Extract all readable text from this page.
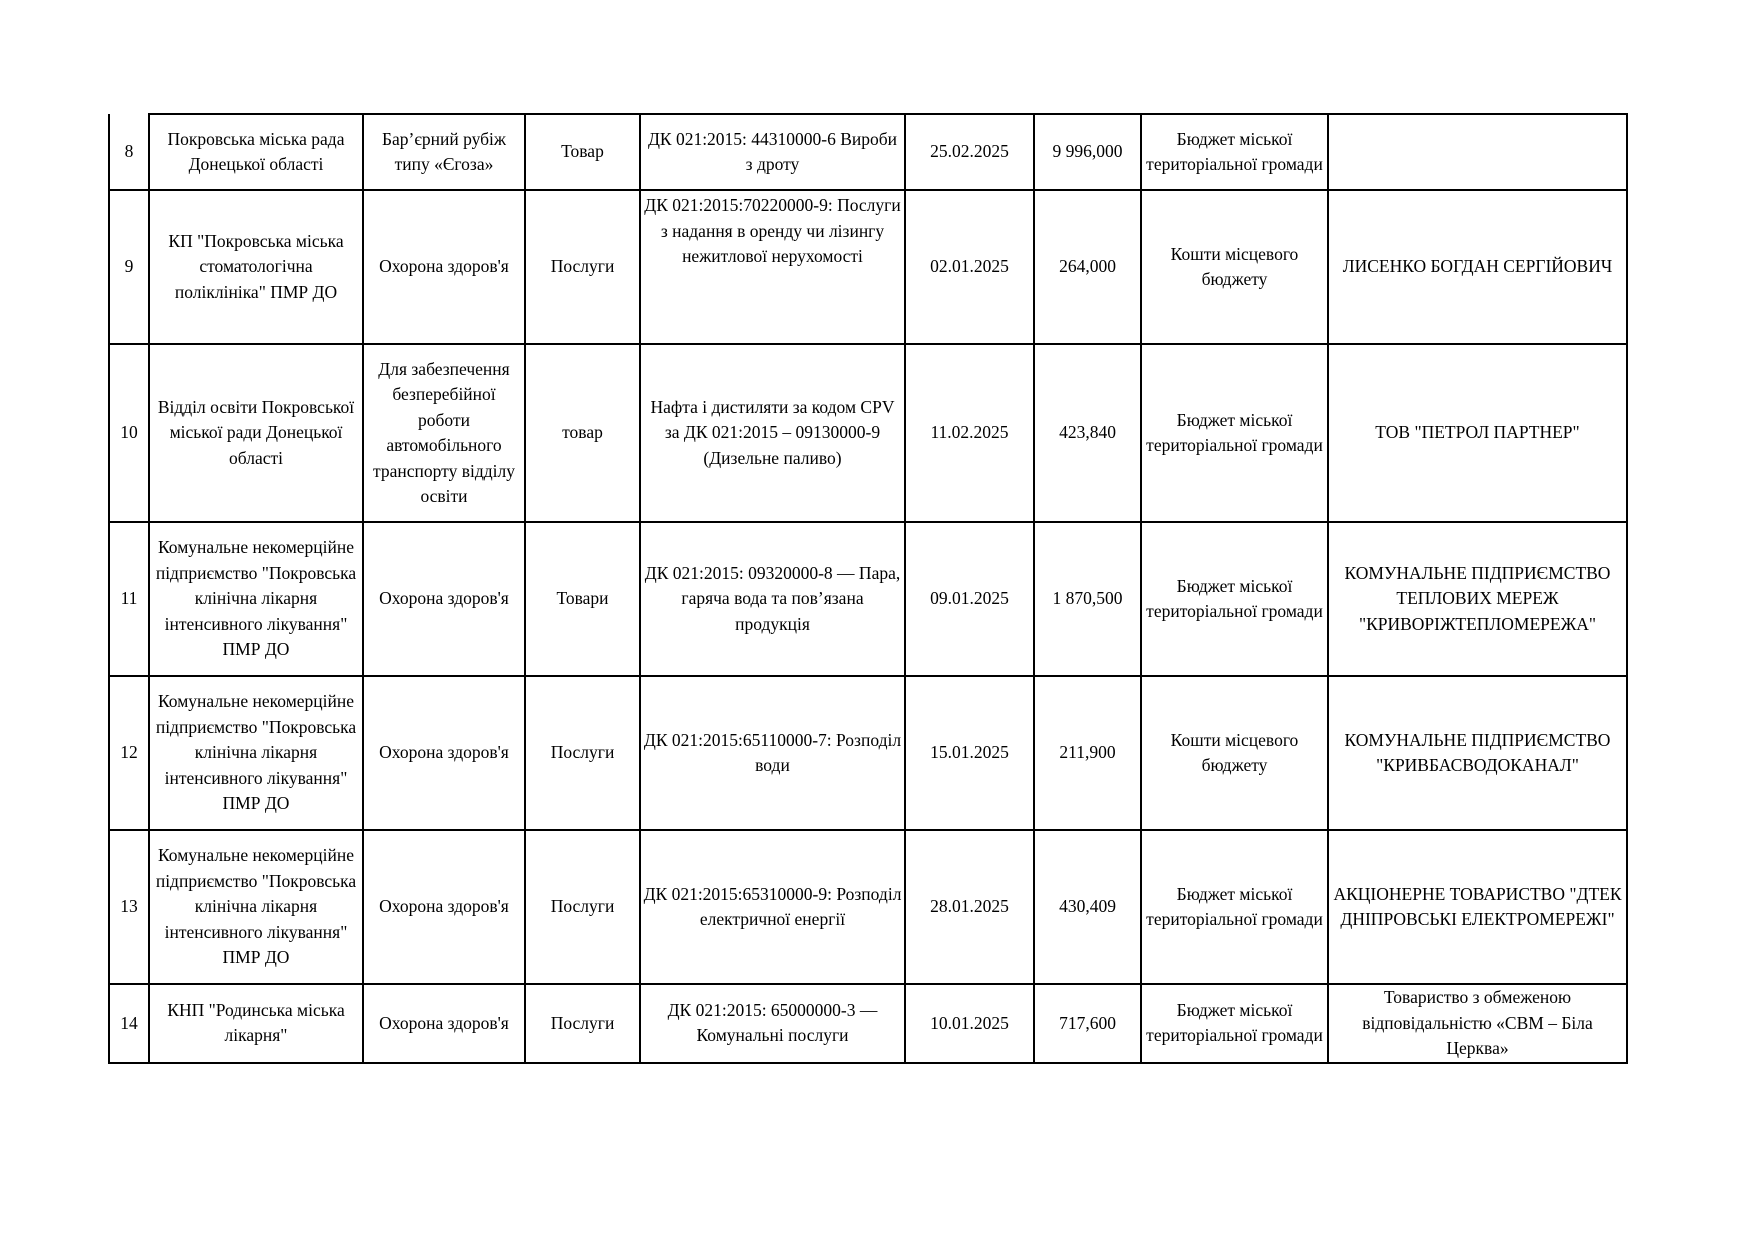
8	Покровська міська рада Донецької області	Бар’єрний рубіж типу «Єгоза»	Товар	ДК 021:2015: 44310000-6 Вироби з дроту	25.02.2025	9 996,000	Бюджет міської територіальної громади	
9	КП "Покровська міська стоматологічна поліклініка" ПМР ДО	Охорона здоров'я	Послуги	ДК 021:2015:70220000-9: Послуги з надання в оренду чи лізингу нежитлової нерухомості	02.01.2025	264,000	Кошти місцевого бюджету	ЛИСЕНКО БОГДАН СЕРГІЙОВИЧ
10	Відділ освіти Покровської міської ради Донецької області	Для забезпечення безперебійної роботи автомобільного транспорту відділу освіти	товар	Нафта і дистиляти за кодом CPV за ДК 021:2015 – 09130000-9 (Дизельне паливо)	11.02.2025	423,840	Бюджет міської територіальної громади	ТОВ "ПЕТРОЛ ПАРТНЕР"
11	Комунальне некомерційне підприємство "Покровська клінічна лікарня інтенсивного лікування" ПМР ДО	Охорона здоров'я	Товари	ДК 021:2015: 09320000-8 — Пара, гаряча вода та пов’язана продукція	09.01.2025	1 870,500	Бюджет міської територіальної громади	КОМУНАЛЬНЕ ПІДПРИЄМСТВО ТЕПЛОВИХ МЕРЕЖ "КРИВОРІЖТЕПЛОМЕРЕЖА"
12	Комунальне некомерційне підприємство "Покровська клінічна лікарня інтенсивного лікування" ПМР ДО	Охорона здоров'я	Послуги	ДК 021:2015:65110000-7: Розподіл води	15.01.2025	211,900	Кошти місцевого бюджету	КОМУНАЛЬНЕ ПІДПРИЄМСТВО "КРИВБАСВОДОКАНАЛ"
13	Комунальне некомерційне підприємство "Покровська клінічна лікарня інтенсивного лікування" ПМР ДО	Охорона здоров'я	Послуги	ДК 021:2015:65310000-9: Розподіл електричної енергії	28.01.2025	430,409	Бюджет міської територіальної громади	АКЦІОНЕРНЕ ТОВАРИСТВО "ДТЕК ДНІПРОВСЬКІ ЕЛЕКТРОМЕРЕЖІ"
14	КНП "Родинська міська лікарня"	Охорона здоров'я	Послуги	ДК 021:2015: 65000000-3 — Комунальні послуги	10.01.2025	717,600	Бюджет міської територіальної громади	Товариство з обмеженою відповідальністю «СВМ – Біла Церква»
